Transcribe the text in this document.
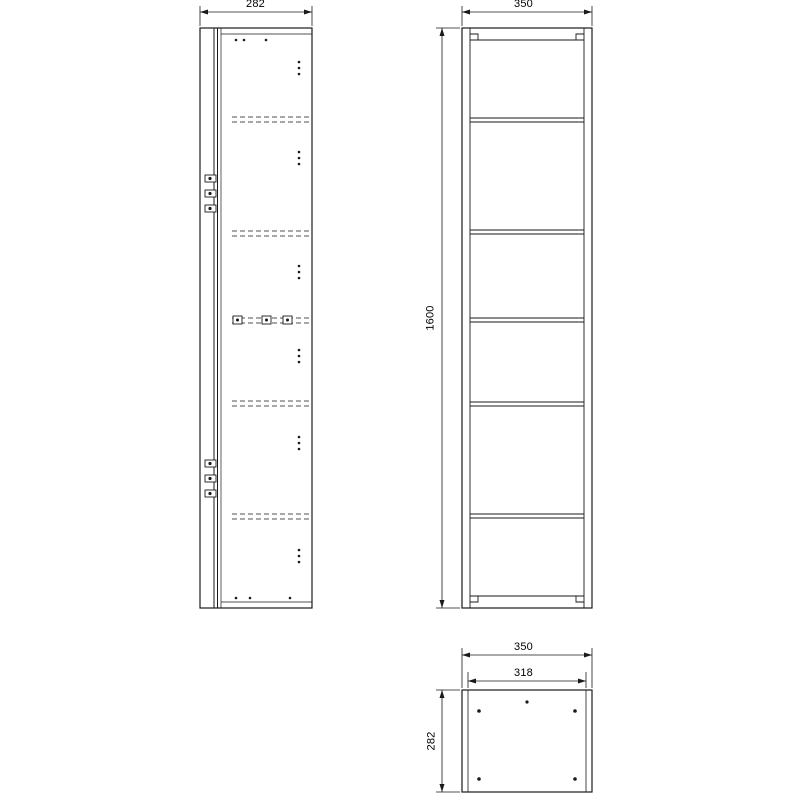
282	350
1600
350
318
282
